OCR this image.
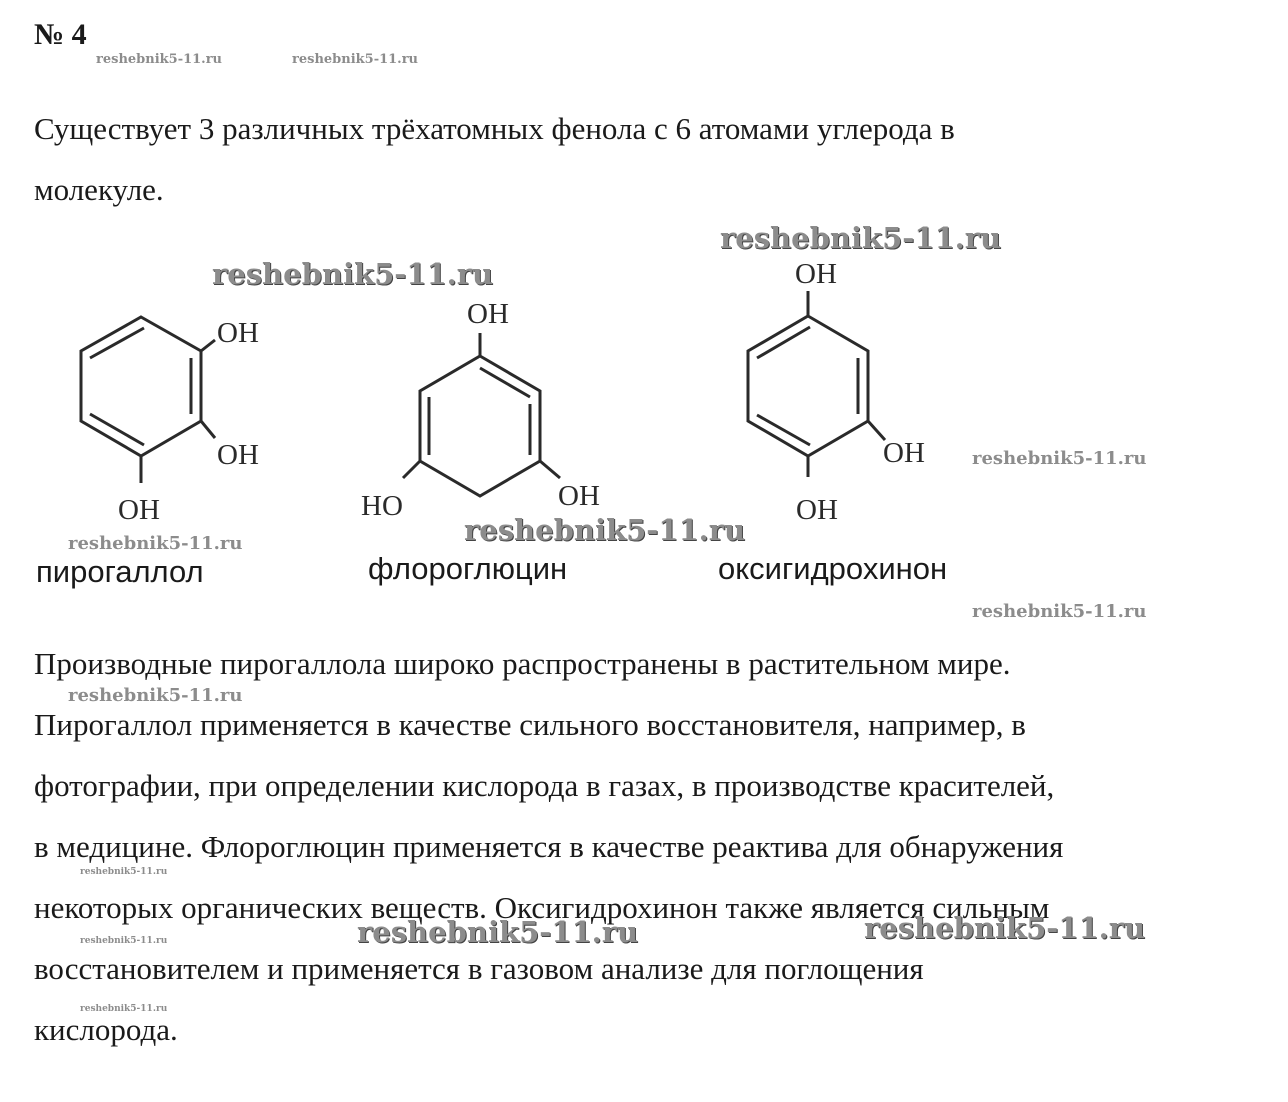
№ 4

Существует 3 различных трёхатомных фенола с 6 атомами углерода в
молекуле.

OH
OH
OH
пирогаллол
OH
OH
HO
флороглюцин
OH
OH
OH
оксигидрохинон

Производные пирогаллола широко распространены в растительном мире.
Пирогаллол применяется в качестве сильного восстановителя, например, в
фотографии, при определении кислорода в газах, в производстве красителей,
в медицине. Флороглюцин применяется в качестве реактива для обнаружения
некоторых органических веществ. Оксигидрохинон также является сильным
восстановителем и применяется в газовом анализе для поглощения
кислорода.

reshebnik5-11.ru	reshebnik5-11.ru
reshebnik5-11.ru
reshebnik5-11.ru
reshebnik5-11.ru
reshebnik5-11.ru
reshebnik5-11.ru
reshebnik5-11.ru
reshebnik5-11.ru
reshebnik5-11.ru
reshebnik5-11.ru	reshebnik5-11.ru
reshebnik5-11.ru
reshebnik5-11.ru
